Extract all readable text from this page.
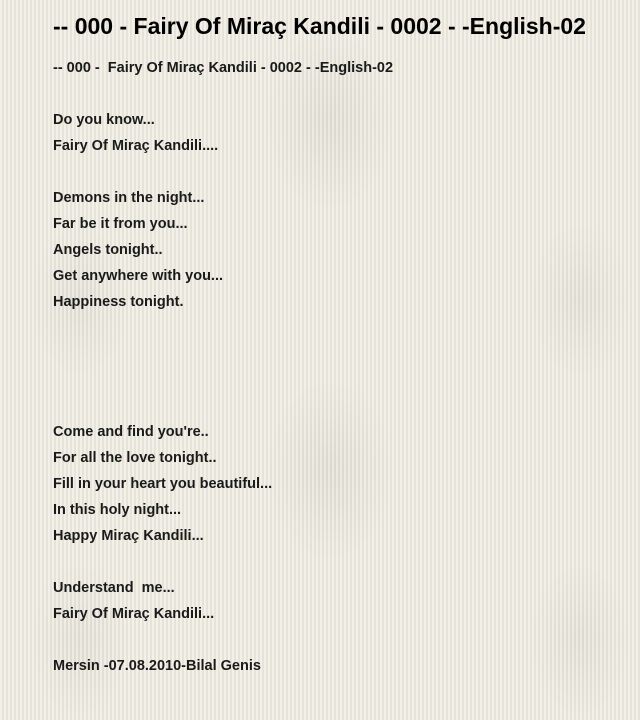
-- 000 - Fairy Of Miraç Kandili - 0002 - -English-02
-- 000 -  Fairy Of Miraç Kandili - 0002 - -English-02
Do you know...
Fairy Of Miraç Kandili....
Demons in the night...
Far be it from you...
Angels tonight..
Get anywhere with you...
Happiness tonight.
Come and find you're..
For all the love tonight..
Fill in your heart you beautiful...
In this holy night...
Happy Miraç Kandili...
Understand  me...
Fairy Of Miraç Kandili...
Mersin -07.08.2010-Bilal Genis
